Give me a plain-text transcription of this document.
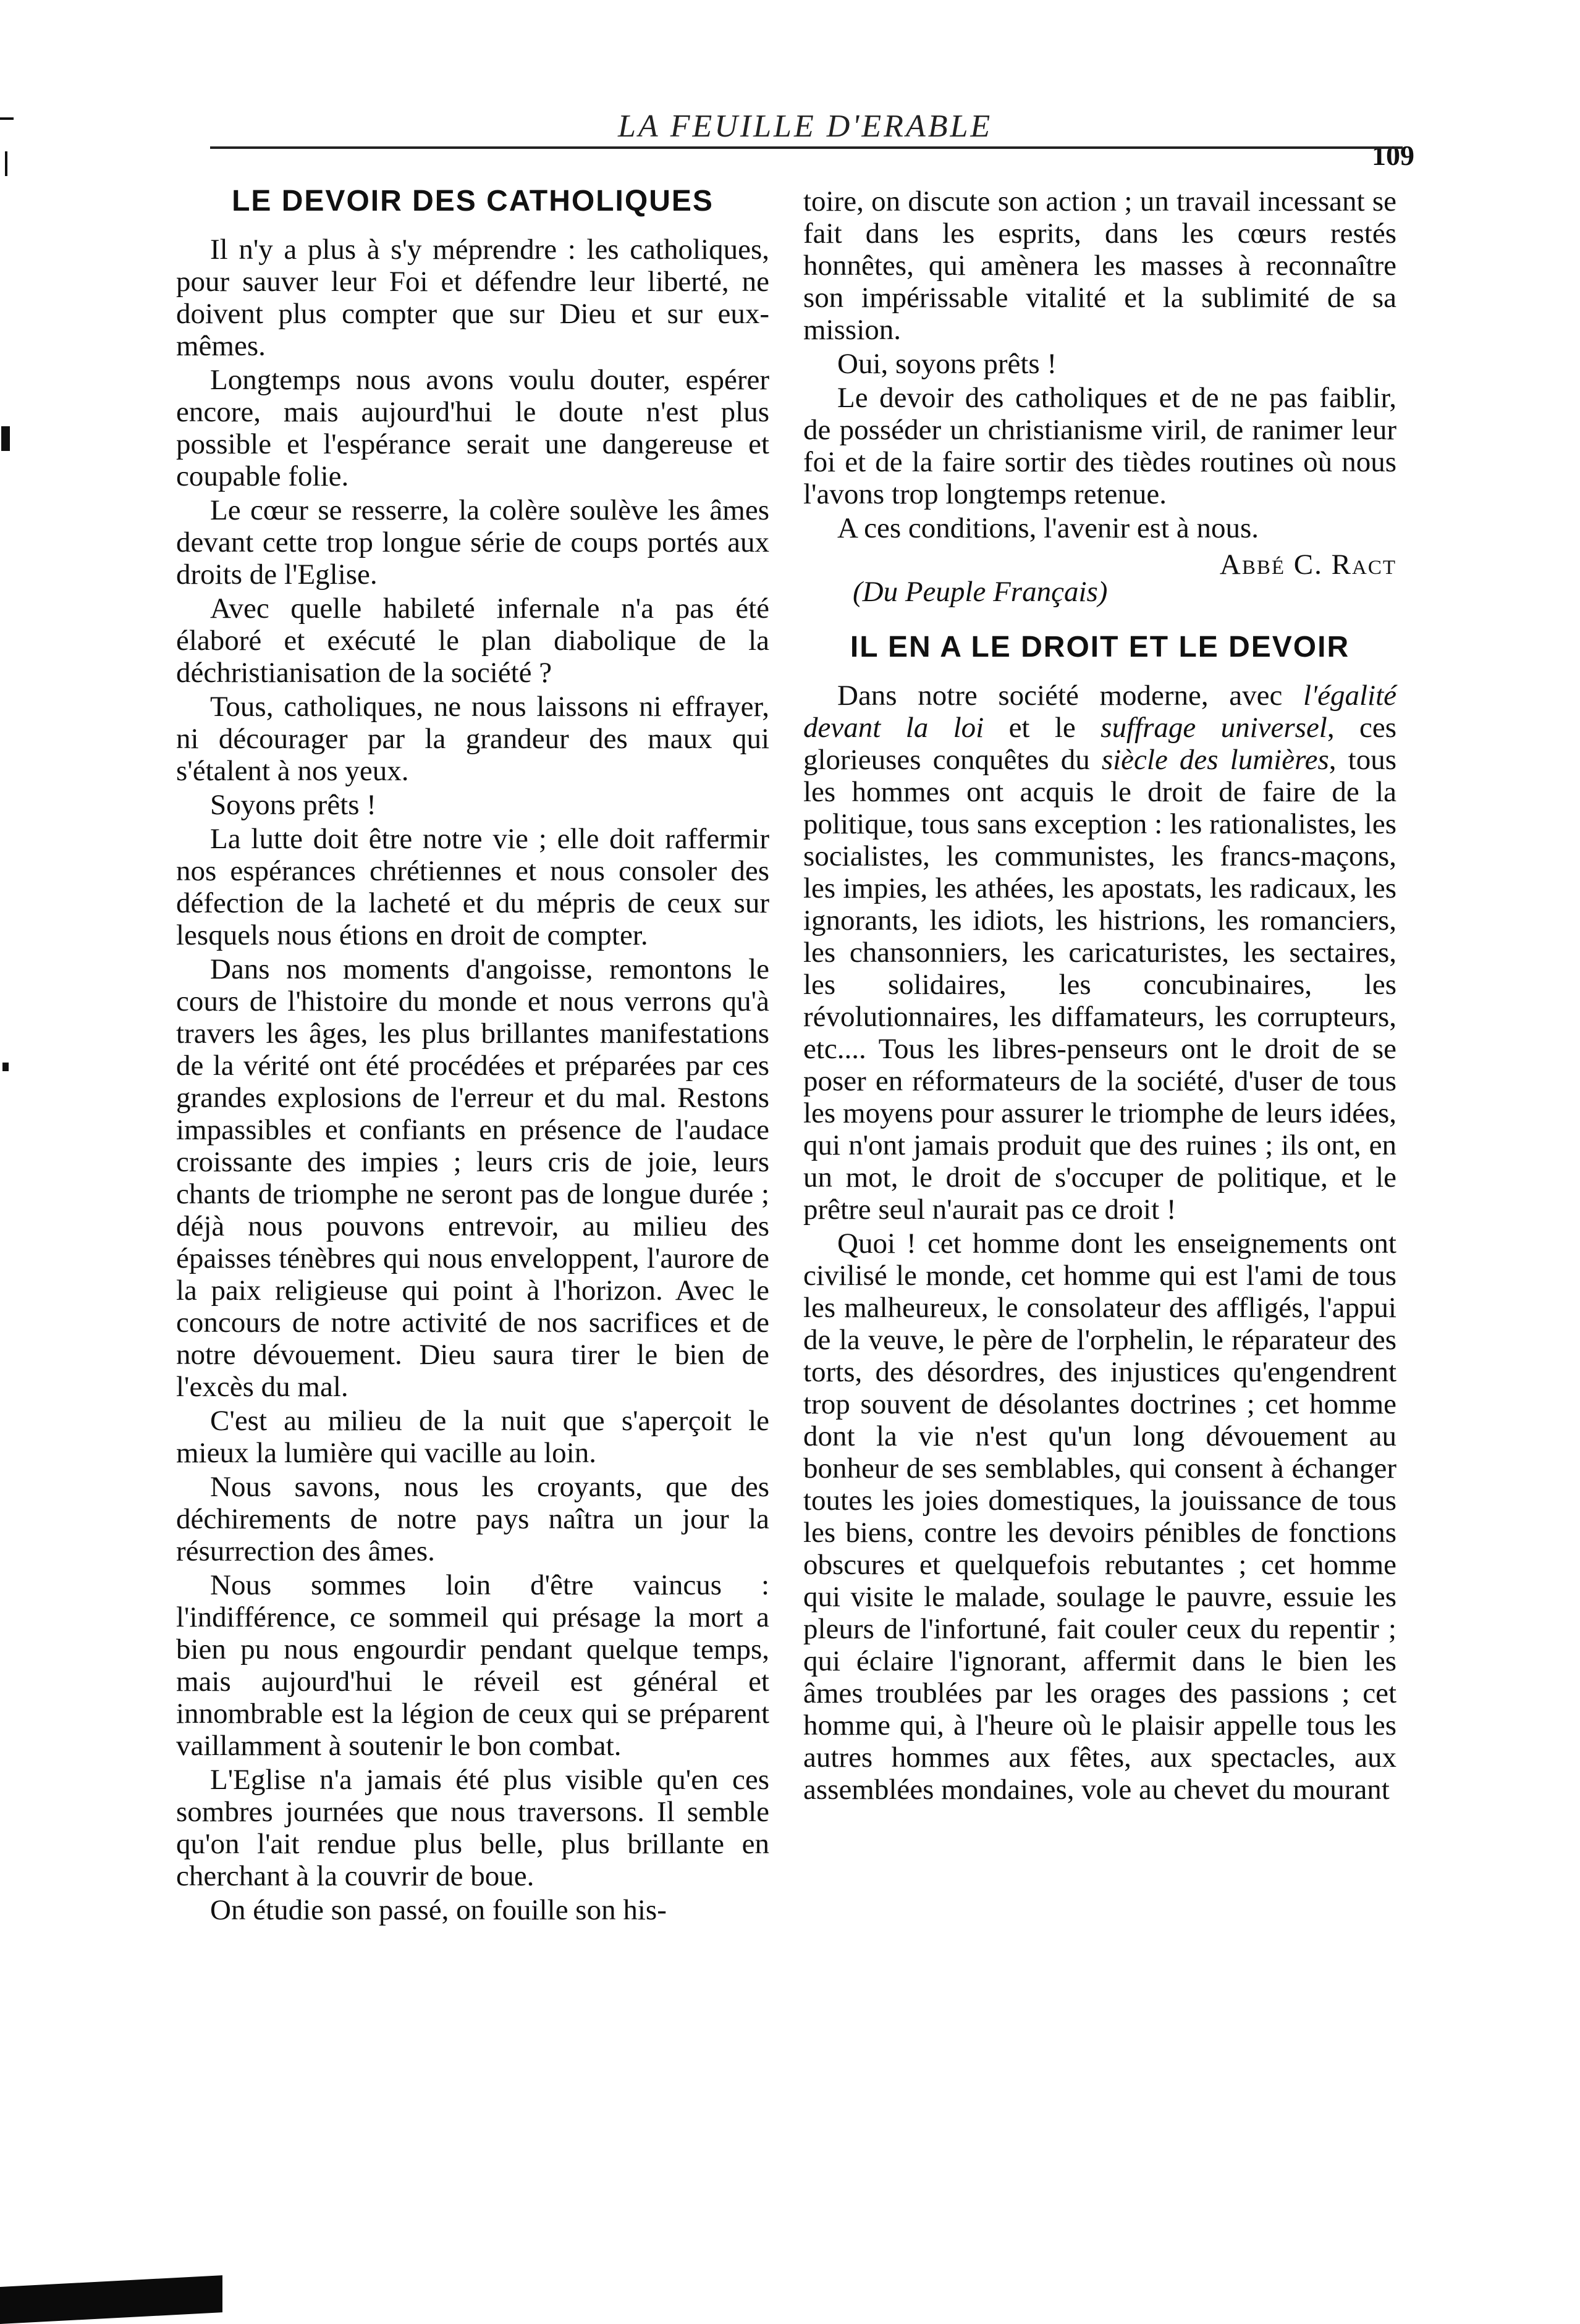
LA FEUILLE D'ERABLE
109
LE DEVOIR DES CATHOLIQUES

Il n'y a plus à s'y méprendre : les catholiques, pour sauver leur Foi et défendre leur liberté, ne doivent plus compter que sur Dieu et sur eux-mêmes.

Longtemps nous avons voulu douter, espérer encore, mais aujourd'hui le doute n'est plus possible et l'espérance serait une dangereuse et coupable folie.

Le cœur se resserre, la colère soulève les âmes devant cette trop longue série de coups portés aux droits de l'Eglise.

Avec quelle habileté infernale n'a pas été élaboré et exécuté le plan diabolique de la déchristianisation de la société ?

Tous, catholiques, ne nous laissons ni effrayer, ni décourager par la grandeur des maux qui s'étalent à nos yeux.

Soyons prêts !

La lutte doit être notre vie ; elle doit raffermir nos espérances chrétiennes et nous consoler des défection de la lacheté et du mépris de ceux sur lesquels nous étions en droit de compter.

Dans nos moments d'angoisse, remontons le cours de l'histoire du monde et nous verrons qu'à travers les âges, les plus brillantes manifestations de la vérité ont été procédées et préparées par ces grandes explosions de l'erreur et du mal. Restons impassibles et confiants en présence de l'audace croissante des impies ; leurs cris de joie, leurs chants de triomphe ne seront pas de longue durée ; déjà nous pouvons entrevoir, au milieu des épaisses ténèbres qui nous enveloppent, l'aurore de la paix religieuse qui point à l'horizon. Avec le concours de notre activité de nos sacrifices et de notre dévouement. Dieu saura tirer le bien de l'excès du mal.

C'est au milieu de la nuit que s'aperçoit le mieux la lumière qui vacille au loin.

Nous savons, nous les croyants, que des déchirements de notre pays naîtra un jour la résurrection des âmes.

Nous sommes loin d'être vaincus : l'indifférence, ce sommeil qui présage la mort a bien pu nous engourdir pendant quelque temps, mais aujourd'hui le réveil est général et innombrable est la légion de ceux qui se préparent vaillamment à soutenir le bon combat.

L'Eglise n'a jamais été plus visible qu'en ces sombres journées que nous traversons. Il semble qu'on l'ait rendue plus belle, plus brillante en cherchant à la couvrir de boue.

On étudie son passé, on fouille son his-

toire, on discute son action ; un travail incessant se fait dans les esprits, dans les cœurs restés honnêtes, qui amènera les masses à reconnaître son impérissable vitalité et la sublimité de sa mission.

Oui, soyons prêts !

Le devoir des catholiques et de ne pas faiblir, de posséder un christianisme viril, de ranimer leur foi et de la faire sortir des tièdes routines où nous l'avons trop longtemps retenue.

A ces conditions, l'avenir est à nous.

Abbé C. Ract
(Du Peuple Français)
IL EN A LE DROIT ET LE DEVOIR

Dans notre société moderne, avec l'égalité devant la loi et le suffrage universel, ces glorieuses conquêtes du siècle des lumières, tous les hommes ont acquis le droit de faire de la politique, tous sans exception : les rationalistes, les socialistes, les communistes, les francs-maçons, les impies, les athées, les apostats, les radicaux, les ignorants, les idiots, les histrions, les romanciers, les chansonniers, les caricaturistes, les sectaires, les solidaires, les concubinaires, les révolutionnaires, les diffamateurs, les corrupteurs, etc.... Tous les libres-penseurs ont le droit de se poser en réformateurs de la société, d'user de tous les moyens pour assurer le triomphe de leurs idées, qui n'ont jamais produit que des ruines ; ils ont, en un mot, le droit de s'occuper de politique, et le prêtre seul n'aurait pas ce droit !

Quoi ! cet homme dont les enseignements ont civilisé le monde, cet homme qui est l'ami de tous les malheureux, le consolateur des affligés, l'appui de la veuve, le père de l'orphelin, le réparateur des torts, des désordres, des injustices qu'engendrent trop souvent de désolantes doctrines ; cet homme dont la vie n'est qu'un long dévouement au bonheur de ses semblables, qui consent à échanger toutes les joies domestiques, la jouissance de tous les biens, contre les devoirs pénibles de fonctions obscures et quelquefois rebutantes ; cet homme qui visite le malade, soulage le pauvre, essuie les pleurs de l'infortuné, fait couler ceux du repentir ; qui éclaire l'ignorant, affermit dans le bien les âmes troublées par les orages des passions ; cet homme qui, à l'heure où le plaisir appelle tous les autres hommes aux fêtes, aux spectacles, aux assemblées mondaines, vole au chevet du mourant
